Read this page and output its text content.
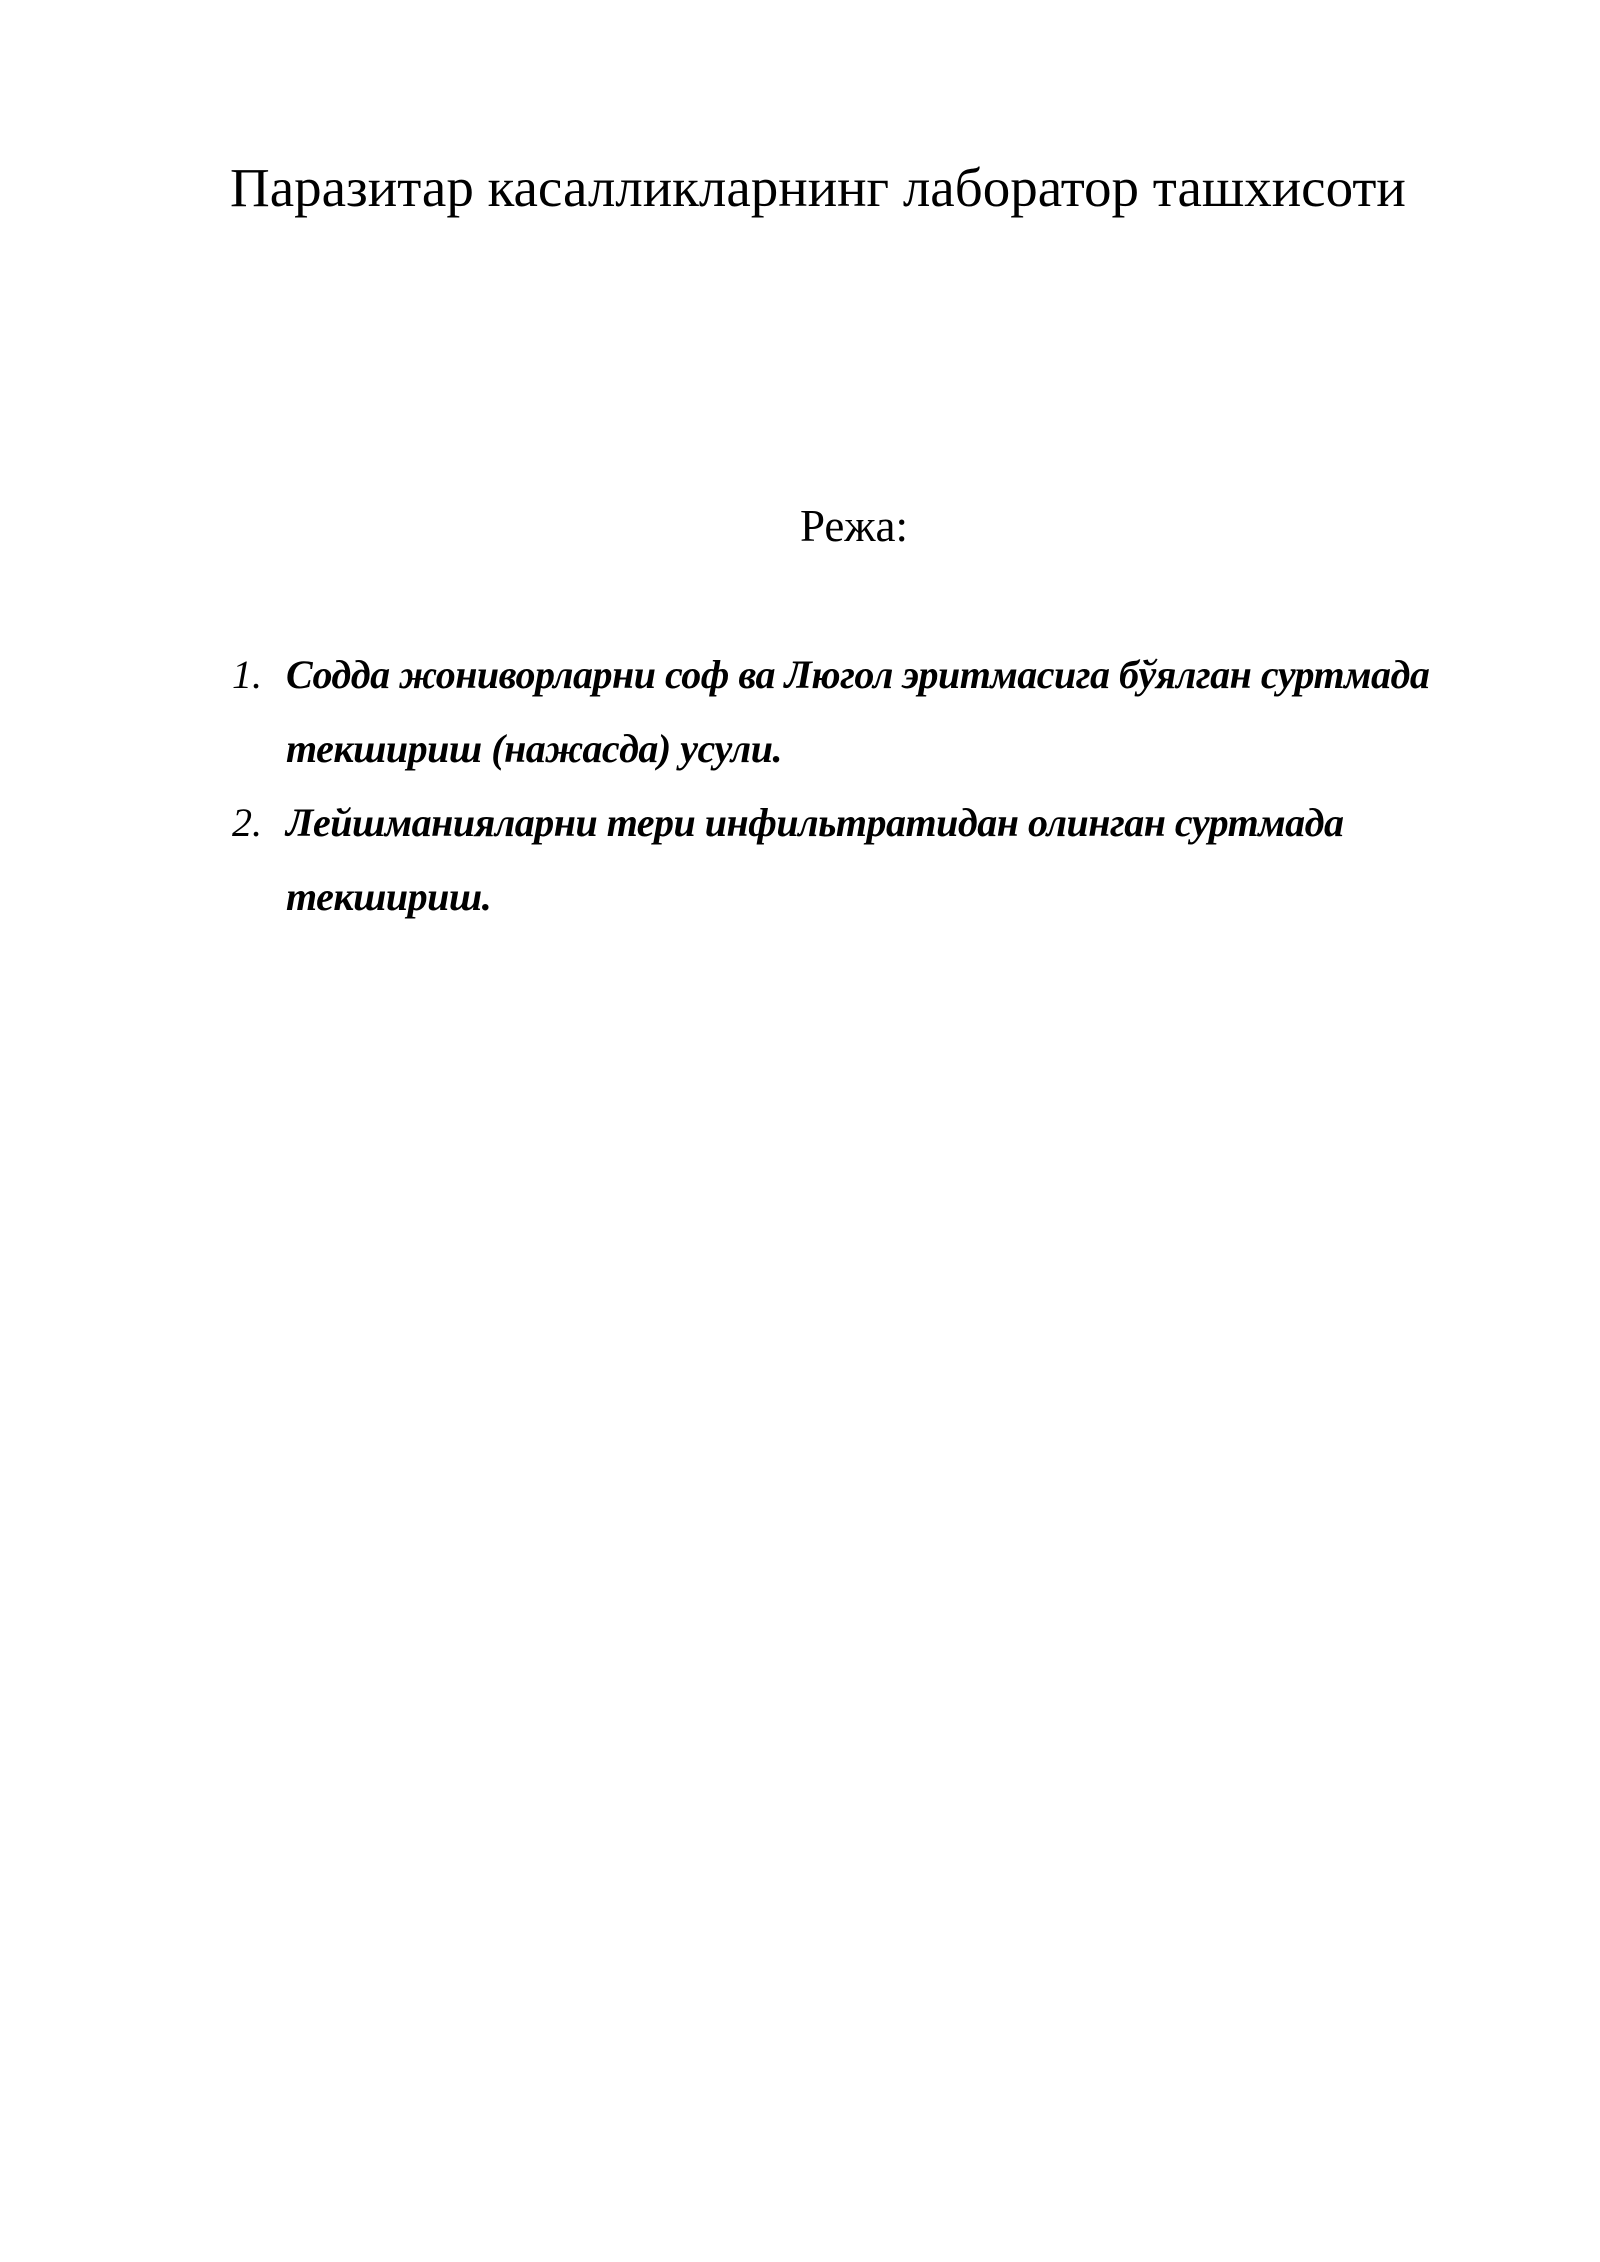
Паразитар касалликларнинг лаборатор ташхисоти
Режа:
1. Содда жониворларни соф ва Люгол эритмасига бўялган суртмада текшириш (нажасда) усули.
2. Лейшманияларни тери инфильтратидан олинган суртмада текшириш.
